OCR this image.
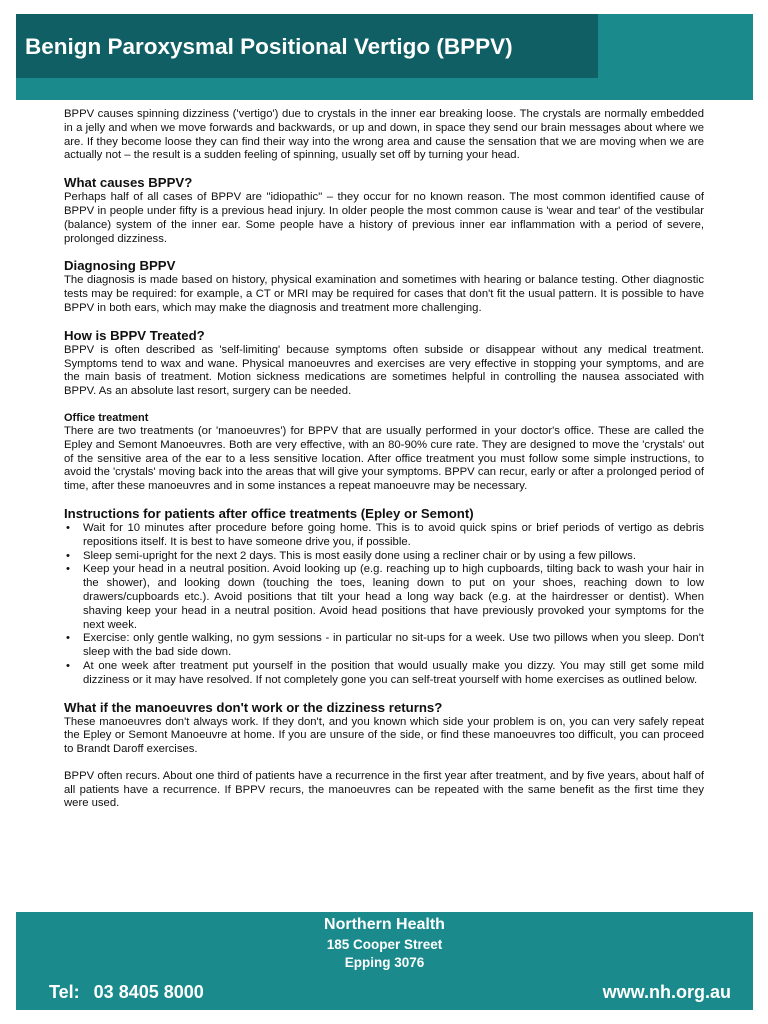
Benign Paroxysmal Positional Vertigo (BPPV)

BPPV causes spinning dizziness ('vertigo') due to crystals in the inner ear breaking loose. The crystals are normally embedded in a jelly and when we move forwards and backwards, or up and down, in space they send our brain messages about where we are. If they become loose they can find their way into the wrong area and cause the sensation that we are moving when we are actually not – the result is a sudden feeling of spinning, usually set off by turning your head.

What causes BPPV?

Perhaps half of all cases of BPPV are "idiopathic" – they occur for no known reason. The most common identified cause of BPPV in people under fifty is a previous head injury. In older people the most common cause is 'wear and tear' of the vestibular (balance) system of the inner ear. Some people have a history of previous inner ear inflammation with a period of severe, prolonged dizziness.

Diagnosing BPPV

The diagnosis is made based on history, physical examination and sometimes with hearing or balance testing. Other diagnostic tests may be required: for example, a CT or MRI may be required for cases that don't fit the usual pattern. It is possible to have BPPV in both ears, which may make the diagnosis and treatment more challenging.

How is BPPV Treated?

BPPV is often described as 'self-limiting' because symptoms often subside or disappear without any medical treatment. Symptoms tend to wax and wane. Physical manoeuvres and exercises are very effective in stopping your symptoms, and are the main basis of treatment. Motion sickness medications are sometimes helpful in controlling the nausea associated with BPPV. As an absolute last resort, surgery can be needed.

Office treatment

There are two treatments (or 'manoeuvres') for BPPV that are usually performed in your doctor's office. These are called the Epley and Semont Manoeuvres. Both are very effective, with an 80-90% cure rate. They are designed to move the 'crystals' out of the sensitive area of the ear to a less sensitive location. After office treatment you must follow some simple instructions, to avoid the 'crystals' moving back into the areas that will give your symptoms. BPPV can recur, early or after a prolonged period of time, after these manoeuvres and in some instances a repeat manoeuvre may be necessary.

Instructions for patients after office treatments (Epley or Semont)
• Wait for 10 minutes after procedure before going home. This is to avoid quick spins or brief periods of vertigo as debris repositions itself. It is best to have someone drive you, if possible.
• Sleep semi-upright for the next 2 days. This is most easily done using a recliner chair or by using a few pillows.
• Keep your head in a neutral position. Avoid looking up (e.g. reaching up to high cupboards, tilting back to wash your hair in the shower), and looking down (touching the toes, leaning down to put on your shoes, reaching down to low drawers/cupboards etc.). Avoid positions that tilt your head a long way back (e.g. at the hairdresser or dentist). When shaving keep your head in a neutral position. Avoid head positions that have previously provoked your symptoms for the next week.
• Exercise: only gentle walking, no gym sessions - in particular no sit-ups for a week. Use two pillows when you sleep. Don't sleep with the bad side down.
• At one week after treatment put yourself in the position that would usually make you dizzy. You may still get some mild dizziness or it may have resolved. If not completely gone you can self-treat yourself with home exercises as outlined below.
What if the manoeuvres don't work or the dizziness returns?

These manoeuvres don't always work. If they don't, and you known which side your problem is on, you can very safely repeat the Epley or Semont Manoeuvre at home. If you are unsure of the side, or find these manoeuvres too difficult, you can proceed to Brandt Daroff exercises.

BPPV often recurs. About one third of patients have a recurrence in the first year after treatment, and by five years, about half of all patients have a recurrence. If BPPV recurs, the manoeuvres can be repeated with the same benefit as the first time they were used.

Northern Health
185 Cooper Street
Epping 3076
Tel: 03 8405 8000	www.nh.org.au
